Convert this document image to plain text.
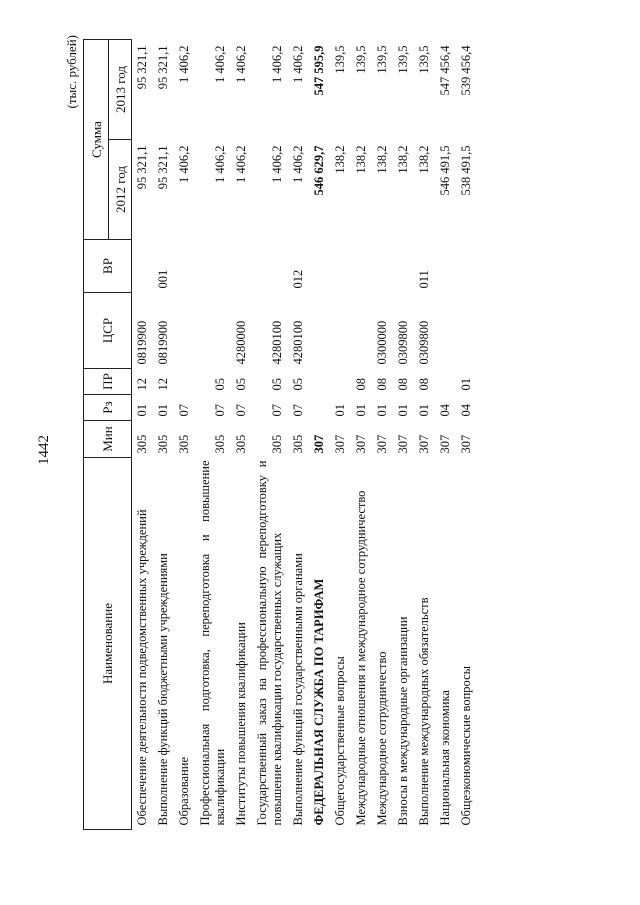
1442
(тыс. рублей)
Наименование	Мин	Рз	ПР	ЦСР	ВР	Сумма	
						2012 год	2013 год
Обеспечение деятельности подведомственных учреждений	305	01	12	0819900		95 321,1	95 321,1
Выполнение функций бюджетными учреждениями	305	01	12	0819900	001	95 321,1	95 321,1
Образование	305	07				1 406,2	1 406,2
Профессиональная подготовка, переподготовка и повышение квалификации	305	07	05			1 406,2	1 406,2
Институты повышения квалификации	305	07	05	4280000		1 406,2	1 406,2
Государственный заказ на профессиональную переподготовку и повышение квалификации государственных служащих	305	07	05	4280100		1 406,2	1 406,2
Выполнение функций государственными органами	305	07	05	4280100	012	1 406,2	1 406,2
ФЕДЕРАЛЬНАЯ СЛУЖБА ПО ТАРИФАМ	307					546 629,7	547 595,9
Общегосударственные вопросы	307	01				138,2	139,5
Международные отношения и международное сотрудничество	307	01	08			138,2	139,5
Международное сотрудничество	307	01	08	0300000		138,2	139,5
Взносы в международные организации	307	01	08	0309800		138,2	139,5
Выполнение международных обязательств	307	01	08	0309800	011	138,2	139,5
Национальная экономика	307	04				546 491,5	547 456,4
Общеэкономические вопросы	307	04	01			538 491,5	539 456,4
